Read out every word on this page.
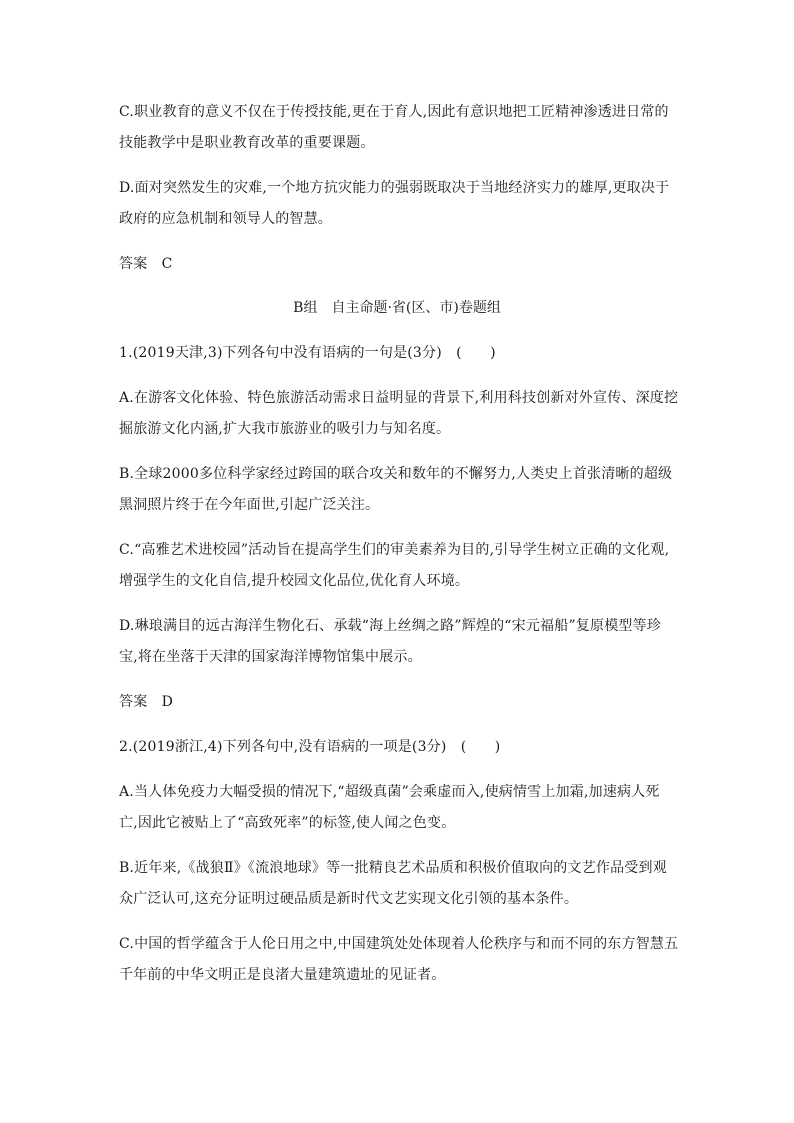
C.职业教育的意义不仅在于传授技能,更在于育人,因此有意识地把工匠精神渗透进日常的
技能教学中是职业教育改革的重要课题。
D.面对突然发生的灾难,一个地方抗灾能力的强弱既取决于当地经济实力的雄厚,更取决于
政府的应急机制和领导人的智慧。
答案　C
B组　自主命题·省(区、市)卷题组
1.(2019天津,3)下列各句中没有语病的一句是(3分)　(　　)
A.在游客文化体验、特色旅游活动需求日益明显的背景下,利用科技创新对外宣传、深度挖
掘旅游文化内涵,扩大我市旅游业的吸引力与知名度。
B.全球2000多位科学家经过跨国的联合攻关和数年的不懈努力,人类史上首张清晰的超级
黑洞照片终于在今年面世,引起广泛关注。
C.“高雅艺术进校园”活动旨在提高学生们的审美素养为目的,引导学生树立正确的文化观,
增强学生的文化自信,提升校园文化品位,优化育人环境。
D.琳琅满目的远古海洋生物化石、承载“海上丝绸之路”辉煌的“宋元福船”复原模型等珍
宝,将在坐落于天津的国家海洋博物馆集中展示。
答案　D
2.(2019浙江,4)下列各句中,没有语病的一项是(3分)　(　　)
A.当人体免疫力大幅受损的情况下,“超级真菌”会乘虚而入,使病情雪上加霜,加速病人死
亡,因此它被贴上了“高致死率”的标签,使人闻之色变。
B.近年来,《战狼Ⅱ》《流浪地球》等一批精良艺术品质和积极价值取向的文艺作品受到观
众广泛认可,这充分证明过硬品质是新时代文艺实现文化引领的基本条件。
C.中国的哲学蕴含于人伦日用之中,中国建筑处处体现着人伦秩序与和而不同的东方智慧五
千年前的中华文明正是良渚大量建筑遗址的见证者。
